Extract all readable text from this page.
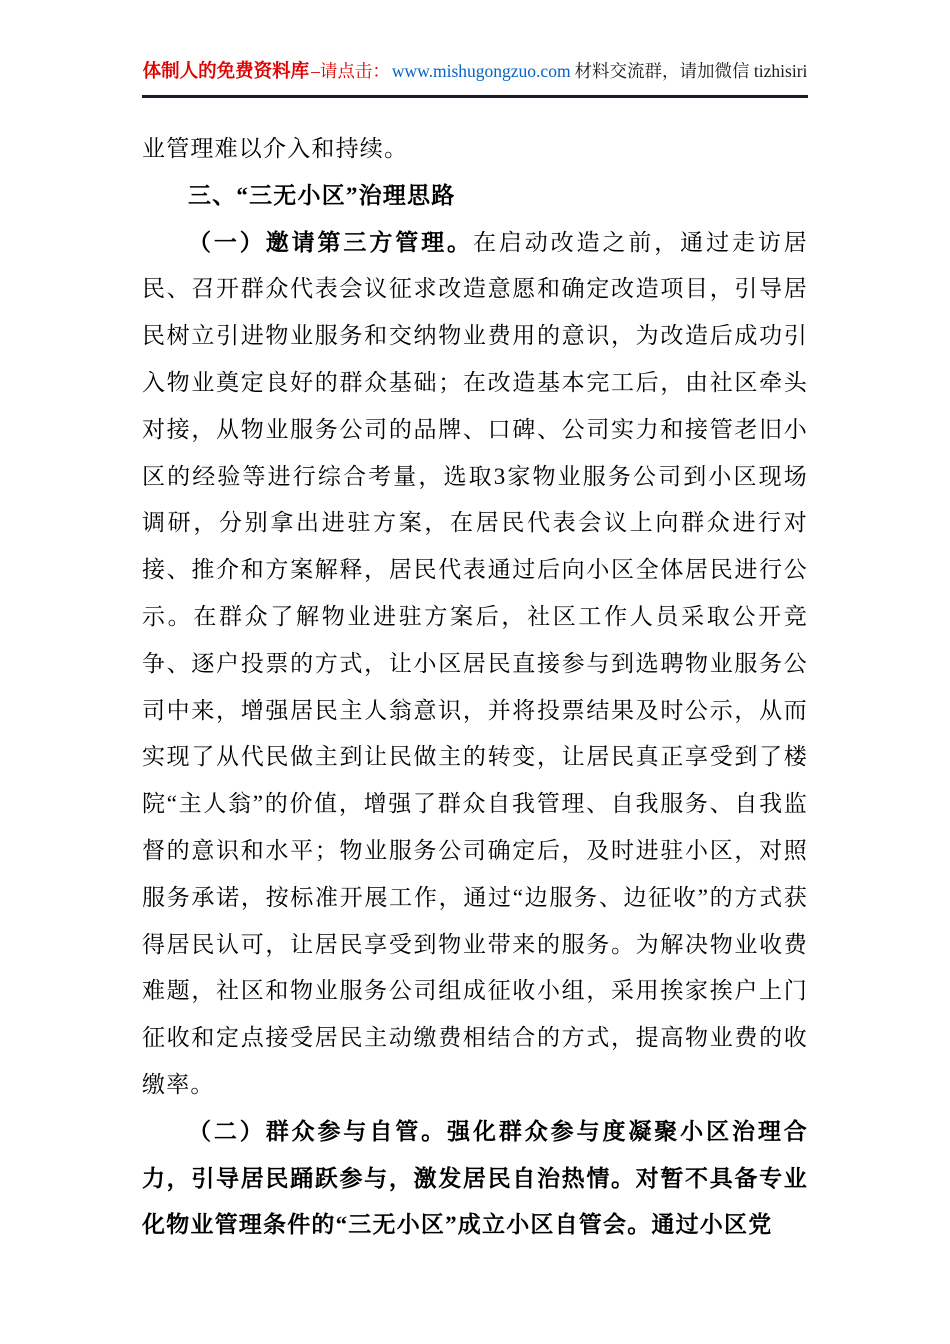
体制人的免费资料库 –请点击： www.mishugongzuo.com 材料交流群，请加微信 tizhisiri

业管理难以介入和持续。

三、“三无小区”治理思路

（一）邀请第三方管理。在启动改造之前，通过走访居民、召开群众代表会议征求改造意愿和确定改造项目，引导居民树立引进物业服务和交纳物业费用的意识，为改造后成功引入物业奠定良好的群众基础；在改造基本完工后，由社区牵头对接，从物业服务公司的品牌、口碑、公司实力和接管老旧小区的经验等进行综合考量，选取3家物业服务公司到小区现场调研，分别拿出进驻方案，在居民代表会议上向群众进行对接、推介和方案解释，居民代表通过后向小区全体居民进行公示。在群众了解物业进驻方案后，社区工作人员采取公开竞争、逐户投票的方式，让小区居民直接参与到选聘物业服务公司中来，增强居民主人翁意识，并将投票结果及时公示，从而实现了从代民做主到让民做主的转变，让居民真正享受到了楼院“主人翁”的价值，增强了群众自我管理、自我服务、自我监督的意识和水平；物业服务公司确定后，及时进驻小区，对照服务承诺，按标准开展工作，通过“边服务、边征收”的方式获得居民认可，让居民享受到物业带来的服务。为解决物业收费难题，社区和物业服务公司组成征收小组，采用挨家挨户上门征收和定点接受居民主动缴费相结合的方式，提高物业费的收缴率。

（二）群众参与自管。强化群众参与度凝聚小区治理合力，引导居民踊跃参与，激发居民自治热情。对暂不具备专业化物业管理条件的“三无小区”成立小区自管会。通过小区党
